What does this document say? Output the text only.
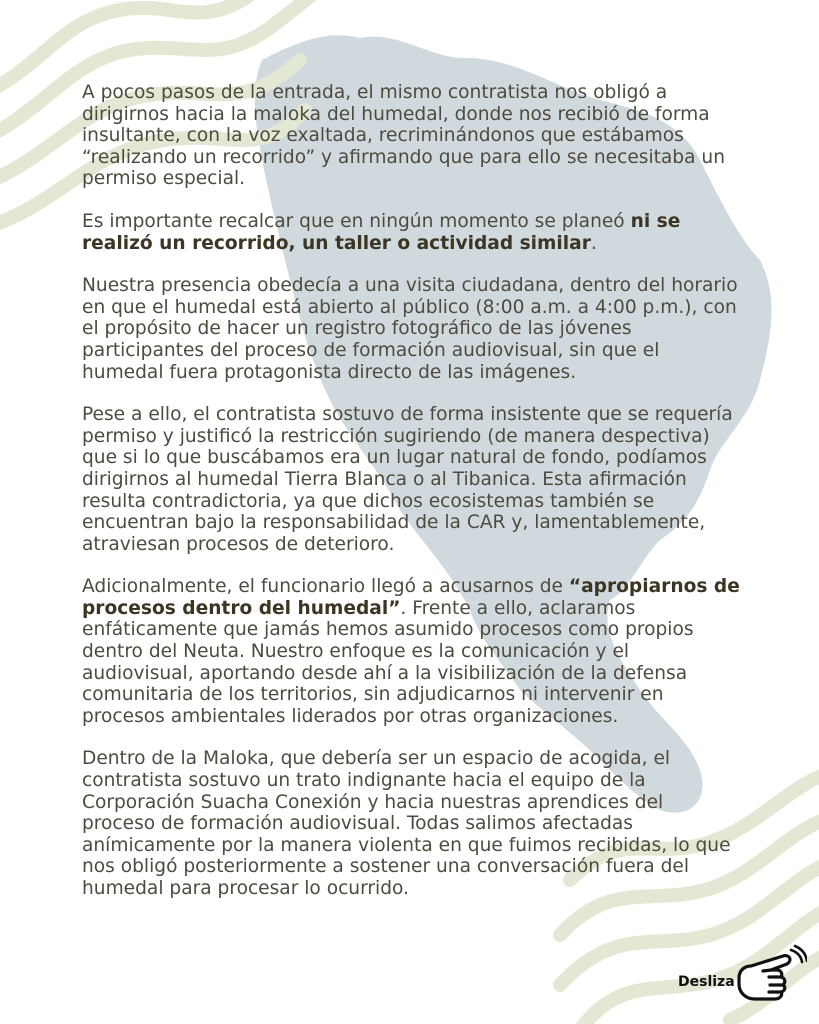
A pocos pasos de la entrada, el mismo contratista nos obligó a dirigirnos hacia la maloka del humedal, donde nos recibió de forma insultante, con la voz exaltada, recriminándonos que estábamos “realizando un recorrido” y afirmando que para ello se necesitaba un permiso especial.

Es importante recalcar que en ningún momento se planeó ni se realizó un recorrido, un taller o actividad similar.

Nuestra presencia obedecía a una visita ciudadana, dentro del horario en que el humedal está abierto al público (8:00 a.m. a 4:00 p.m.), con el propósito de hacer un registro fotográfico de las jóvenes participantes del proceso de formación audiovisual, sin que el humedal fuera protagonista directo de las imágenes.

Pese a ello, el contratista sostuvo de forma insistente que se requería permiso y justificó la restricción sugiriendo (de manera despectiva) que si lo que buscábamos era un lugar natural de fondo, podíamos dirigirnos al humedal Tierra Blanca o al Tibanica. Esta afirmación resulta contradictoria, ya que dichos ecosistemas también se encuentran bajo la responsabilidad de la CAR y, lamentablemente, atraviesan procesos de deterioro.

Adicionalmente, el funcionario llegó a acusarnos de “apropiarnos de procesos dentro del humedal”. Frente a ello, aclaramos enfáticamente que jamás hemos asumido procesos como propios dentro del Neuta. Nuestro enfoque es la comunicación y el audiovisual, aportando desde ahí a la visibilización de la defensa comunitaria de los territorios, sin adjudicarnos ni intervenir en procesos ambientales liderados por otras organizaciones.

Dentro de la Maloka, que debería ser un espacio de acogida, el contratista sostuvo un trato indignante hacia el equipo de la Corporación Suacha Conexión y hacia nuestras aprendices del proceso de formación audiovisual. Todas salimos afectadas anímicamente por la manera violenta en que fuimos recibidas, lo que nos obligó posteriormente a sostener una conversación fuera del humedal para procesar lo ocurrido.

Desliza
